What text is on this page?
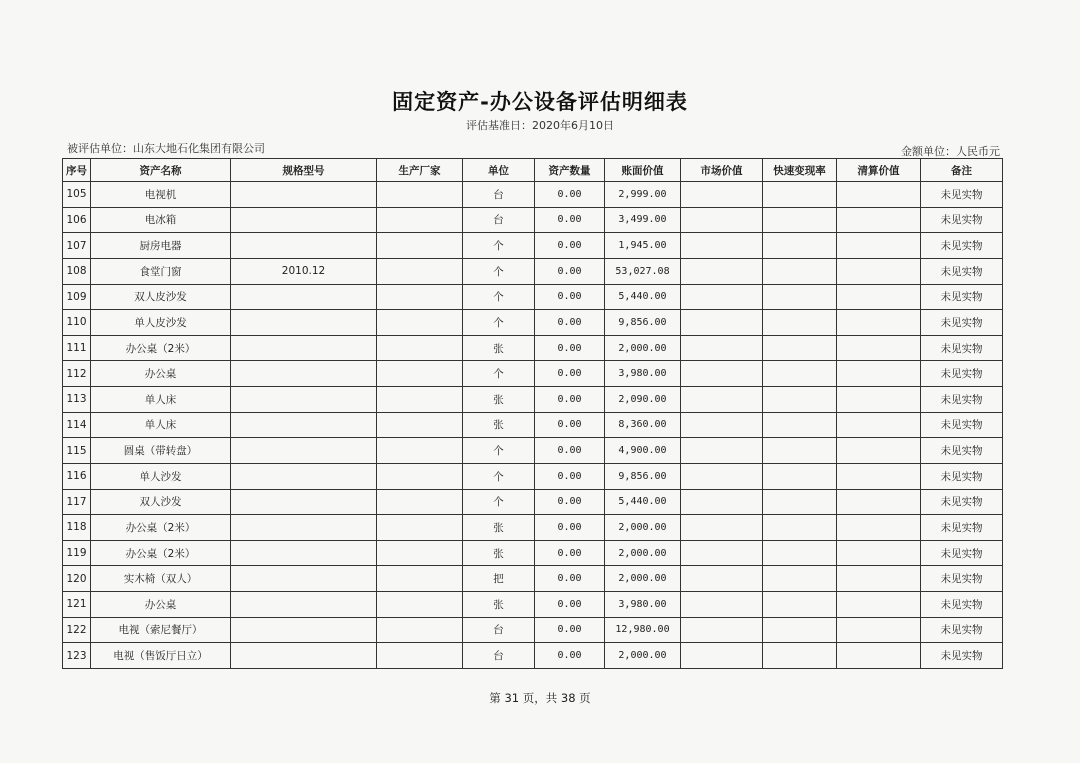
固定资产-办公设备评估明细表
评估基准日：2020年6月10日
被评估单位：山东大地石化集团有限公司	金额单位：人民币元
序号	资产名称	规格型号	生产厂家	单位	资产数量	账面价值	市场价值	快速变现率	清算价值	备注
105	电视机			台	0.00	2,999.00				未见实物
106	电冰箱			台	0.00	3,499.00				未见实物
107	厨房电器			个	0.00	1,945.00				未见实物
108	食堂门窗	2010.12		个	0.00	53,027.08				未见实物
109	双人皮沙发			个	0.00	5,440.00				未见实物
110	单人皮沙发			个	0.00	9,856.00				未见实物
111	办公桌（2米）			张	0.00	2,000.00				未见实物
112	办公桌			个	0.00	3,980.00				未见实物
113	单人床			张	0.00	2,090.00				未见实物
114	单人床			张	0.00	8,360.00				未见实物
115	圆桌（带转盘）			个	0.00	4,900.00				未见实物
116	单人沙发			个	0.00	9,856.00				未见实物
117	双人沙发			个	0.00	5,440.00				未见实物
118	办公桌（2米）			张	0.00	2,000.00				未见实物
119	办公桌（2米）			张	0.00	2,000.00				未见实物
120	实木椅（双人）			把	0.00	2,000.00				未见实物
121	办公桌			张	0.00	3,980.00				未见实物
122	电视（索尼餐厅）			台	0.00	12,980.00				未见实物
123	电视（售饭厅日立）			台	0.00	2,000.00				未见实物
第 31 页，共 38 页
